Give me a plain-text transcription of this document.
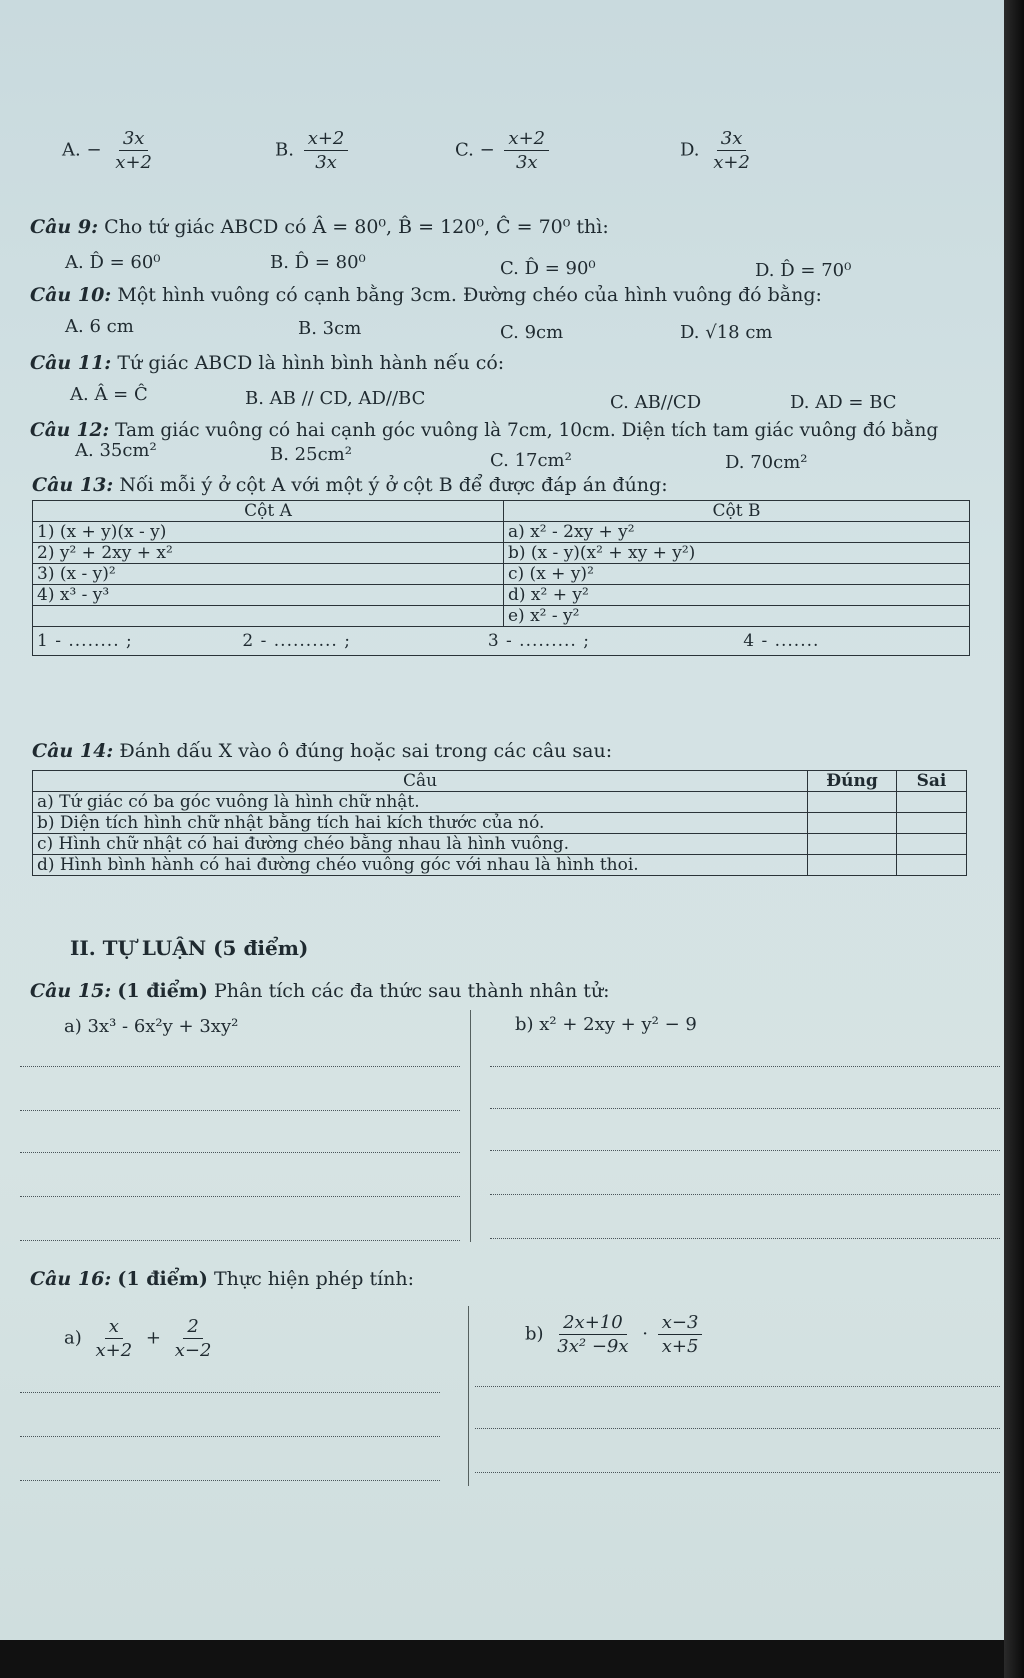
A. − $\frac{3x}{x+2}$	B. $\frac{x+2}{3x}$	C. − $\frac{x+2}{3x}$	D. $\frac{3x}{x+2}$
Câu 9: Cho tứ giác ABCD có Â = 80⁰, B̂ = 120⁰, Ĉ = 70⁰ thì:
A. D̂ = 60⁰	B. D̂ = 80⁰	C. D̂ = 90⁰	D. D̂ = 70⁰
Câu 10: Một hình vuông có cạnh bằng 3cm. Đường chéo của hình vuông đó bằng:
A. 6 cm	B. 3cm	C. 9cm	D. √18 cm
Câu 11: Tứ giác ABCD là hình bình hành nếu có:
A. Â = Ĉ	B. AB // CD, AD//BC	C. AB//CD	D. AD = BC
Câu 12: Tam giác vuông có hai cạnh góc vuông là 7cm, 10cm. Diện tích tam giác vuông đó bằng
A. 35cm²	B. 25cm²	C. 17cm²	D. 70cm²
Câu 13: Nối mỗi ý ở cột A với một ý ở cột B để được đáp án đúng:
Cột A	Cột B
1) (x + y)(x - y)	a) x² - 2xy + y²
2) y² + 2xy + x²	b) (x - y)(x² + xy + y²)
3) (x - y)²	c) (x + y)²
4) x³ - y³	d) x² + y²
	e) x² - y²
1 - ........ ; 2 - .......... ; 3 - ......... ; 4 - .......	
Câu 14: Đánh dấu X vào ô đúng hoặc sai trong các câu sau:
Câu	Đúng	Sai
a) Tứ giác có ba góc vuông là hình chữ nhật.		
b) Diện tích hình chữ nhật bằng tích hai kích thước của nó.		
c) Hình chữ nhật có hai đường chéo bằng nhau là hình vuông.		
d) Hình bình hành có hai đường chéo vuông góc với nhau là hình thoi.		
II. TỰ LUẬN (5 điểm)
Câu 15: (1 điểm) Phân tích các đa thức sau thành nhân tử:
a) 3x³ - 6x²y + 3xy²	b) x² + 2xy + y² − 9
Câu 16: (1 điểm) Thực hiện phép tính:
$a) \frac{x}{x+2} + \frac{2}{x-2}$	$b) \frac{2x+10}{\text{3x² −9x}} \cdot \frac{x-3}{x+5}$
